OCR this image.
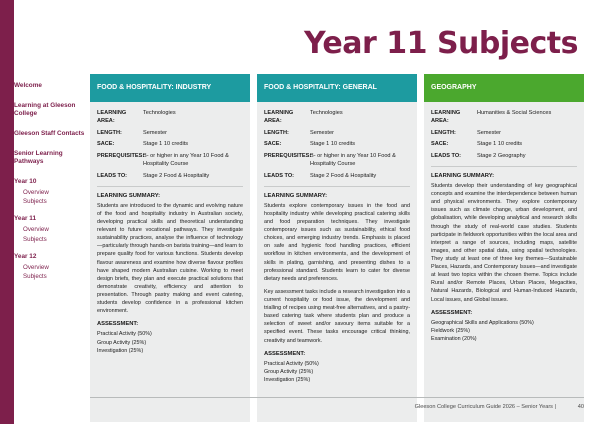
Year 11 Subjects
Welcome
Learning at Gleeson College
Gleeson Staff Contacts
Senior Learning Pathways
Year 10
Overview
Subjects
Year 11
Overview
Subjects
Year 12
Overview
Subjects
FOOD & HOSPITALITY: INDUSTRY
LEARNING AREA:
Technologies
LENGTH:	Semester
SACE:	Stage 1 10 credits
PREREQUISITES:
B- or higher in any Year 10 Food & Hospitality Course
LEADS TO:	Stage 2 Food & Hospitality
LEARNING SUMMARY:
Students are introduced to the dynamic and evolving nature of the food and hospitality industry in Australian society, developing practical skills and theoretical understanding relevant to future vocational pathways. They investigate sustainability practices, analyse the influence of technology—particularly through hands-on barista training—and learn to prepare quality food for various functions. Students develop flavour awareness and examine how diverse flavour profiles have shaped modern Australian cuisine. Working to meet design briefs, they plan and execute practical solutions that demonstrate creativity, efficiency and attention to presentation. Through pastry making and event catering, students develop confidence in a professional kitchen environment.
ASSESSMENT:
Practical Activity (50%)
Group Activity (25%)
Investigation (25%)
FOOD & HOSPITALITY: GENERAL
LEARNING AREA:
Technologies
LENGTH:	Semester
SACE:	Stage 1 10 credits
PREREQUISITES:
B- or higher in any Year 10 Food & Hospitality Course
LEADS TO:	Stage 2 Food & Hospitality
LEARNING SUMMARY:
Students explore contemporary issues in the food and hospitality industry while developing practical catering skills and food preparation techniques. They investigate contemporary issues such as sustainability, ethical food choices, and emerging industry trends. Emphasis is placed on safe and hygienic food handling practices, efficient workflow in kitchen environments, and the development of skills in plating, garnishing, and presenting dishes to a professional standard. Students learn to cater for diverse dietary needs and preferences.
Key assessment tasks include a research investigation into a current hospitality or food issue, the development and trialling of recipes using meat-free alternatives, and a pastry-based catering task where students plan and produce a selection of sweet and/or savoury items suitable for a specified event. These tasks encourage critical thinking, creativity and teamwork.
ASSESSMENT:
Practical Activity (50%)
Group Activity (25%)
Investigation (25%)
GEOGRAPHY
LEARNING AREA:
Humanities & Social Sciences
LENGTH:	Semester
SACE:	Stage 1 10 credits
LEADS TO:	Stage 2 Geography
LEARNING SUMMARY:
Students develop their understanding of key geographical concepts and examine the interdependence between human and physical environments. They explore contemporary issues such as climate change, urban development, and globalisation, while developing analytical and research skills through the study of real-world case studies. Students participate in fieldwork opportunities within the local area and interpret a range of sources, including maps, satellite images, and other spatial data, using spatial technologies. They study at least one of three key themes—Sustainable Places, Hazards, and Contemporary Issues—and investigate at least two topics within the chosen theme. Topics include Rural and/or Remote Places, Urban Places, Megacities, Natural Hazards, Biological and Human-Induced Hazards, Local issues, and Global issues.
ASSESSMENT:
Geographical Skills and Applications (50%)
Fieldwork (25%)
Examination (20%)
Gleeson College Curriculum Guide 2026 – Senior Years |	40
